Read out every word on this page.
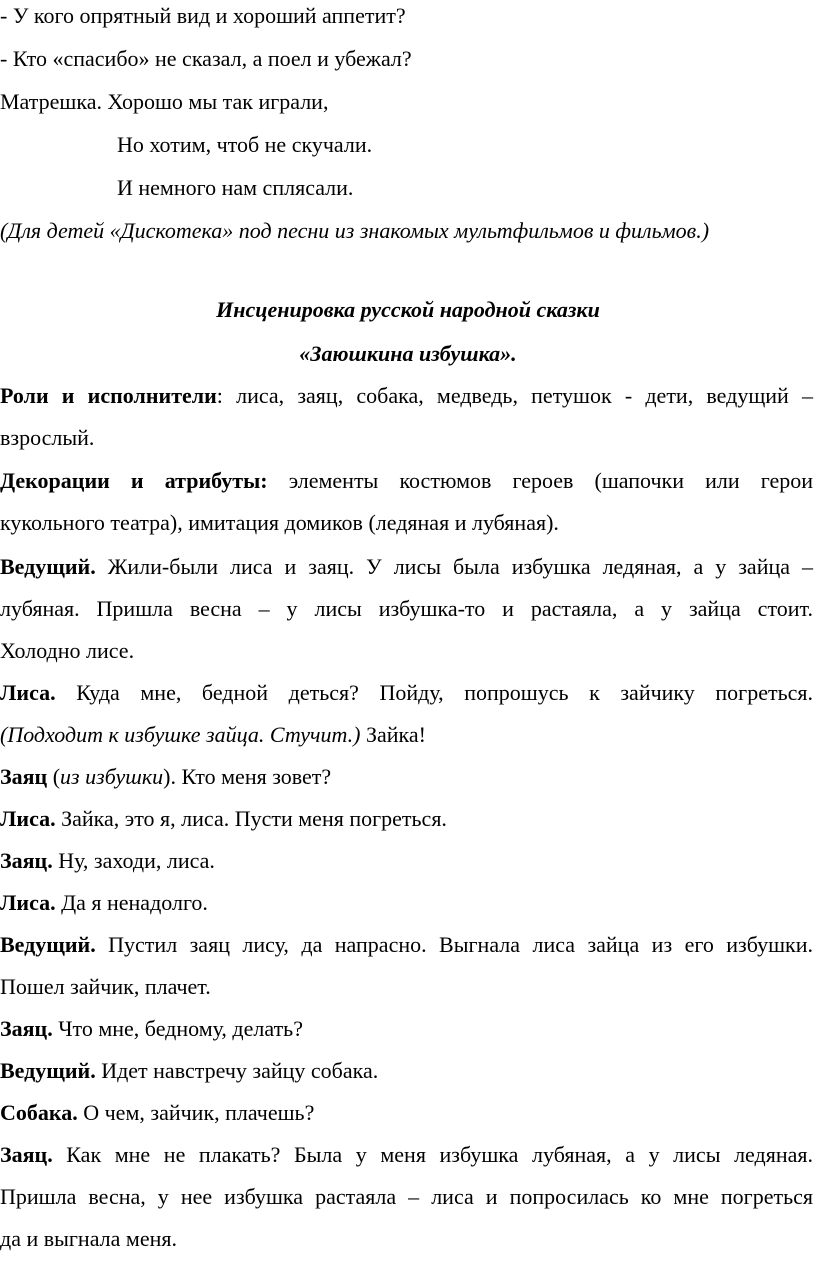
- У кого опрятный вид и хороший аппетит?
- Кто «спасибо» не сказал, а поел и убежал?
Матрешка. Хорошо мы так играли,
Но хотим, чтоб не скучали.
И немного нам сплясали.
(Для детей «Дискотека» под песни из знакомых мультфильмов и фильмов.)
Инсценировка русской народной сказки
«Заюшкина избушка».
Роли и исполнители: лиса, заяц, собака, медведь, петушок - дети, ведущий –
взрослый.
Декорации и атрибуты: элементы костюмов героев (шапочки или герои
кукольного театра), имитация домиков (ледяная и лубяная).
Ведущий. Жили-были лиса и заяц. У лисы была избушка ледяная, а у зайца –
лубяная. Пришла весна – у лисы избушка-то и растаяла, а у зайца стоит.
Холодно лисе.
Лиса. Куда мне, бедной деться? Пойду, попрошусь к зайчику погреться.
(Подходит к избушке зайца. Стучит.) Зайка!
Заяц (из избушки). Кто меня зовет?
Лиса. Зайка, это я, лиса. Пусти меня погреться.
Заяц. Ну, заходи, лиса.
Лиса. Да я ненадолго.
Ведущий. Пустил заяц лису, да напрасно. Выгнала лиса зайца из его избушки.
Пошел зайчик, плачет.
Заяц. Что мне, бедному, делать?
Ведущий. Идет навстречу зайцу собака.
Собака. О чем, зайчик, плачешь?
Заяц. Как мне не плакать? Была у меня избушка лубяная, а у лисы ледяная.
Пришла весна, у нее избушка растаяла – лиса и попросилась ко мне погреться
да и выгнала меня.
